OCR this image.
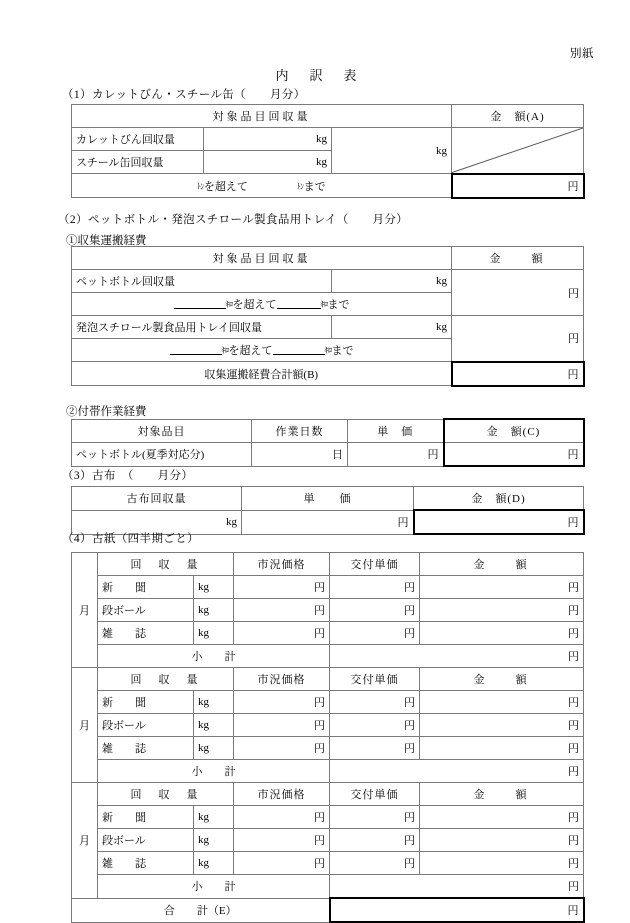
別紙
内　訳　表
（1）カレットびん・スチール缶（　　月分）
対象品目回収量			金　額(A)
カレットびん回収量	kg	kg	

スチール缶回収量	kg		
ﾄﾝを超えて ﾄﾝまで			円
（2）ペットボトル・発泡スチロール製食品用トレイ（　　月分）
①収集運搬経費
対象品目回収量		金　　額
ペットボトル回収量	kg	円
ｷﾛを超えて ｷﾛまで		
発泡スチロール製食品用トレイ回収量	kg	円
ｷﾛを超えて ｷﾛまで		
収集運搬経費合計額(B)		円
②付帯作業経費
対象品目	作業日数	単　価	金　額(C)
ペットボトル(夏季対応分)	日	円	円
（3）古布　（　　月分）
古布回収量	単　　価	金　額(D)
kg	円	円
（4）古紙（四半期ごと）
月	回　収　量		市況価格	交付単価	金　　額
	新　　聞	kg	円	円	円
	段ボール	kg	円	円	円
	雑　　誌	kg	円	円	円
	小　　計			円	
月	回　収　量		市況価格	交付単価	金　　額
	新　　聞	kg	円	円	円
	段ボール	kg	円	円	円
	雑　　誌	kg	円	円	円
	小　　計			円	
月	回　収　量		市況価格	交付単価	金　　額
	新　　聞	kg	円	円	円
	段ボール	kg	円	円	円
	雑　　誌	kg	円	円	円
	小　　計			円	
合　　計（E）				円	
